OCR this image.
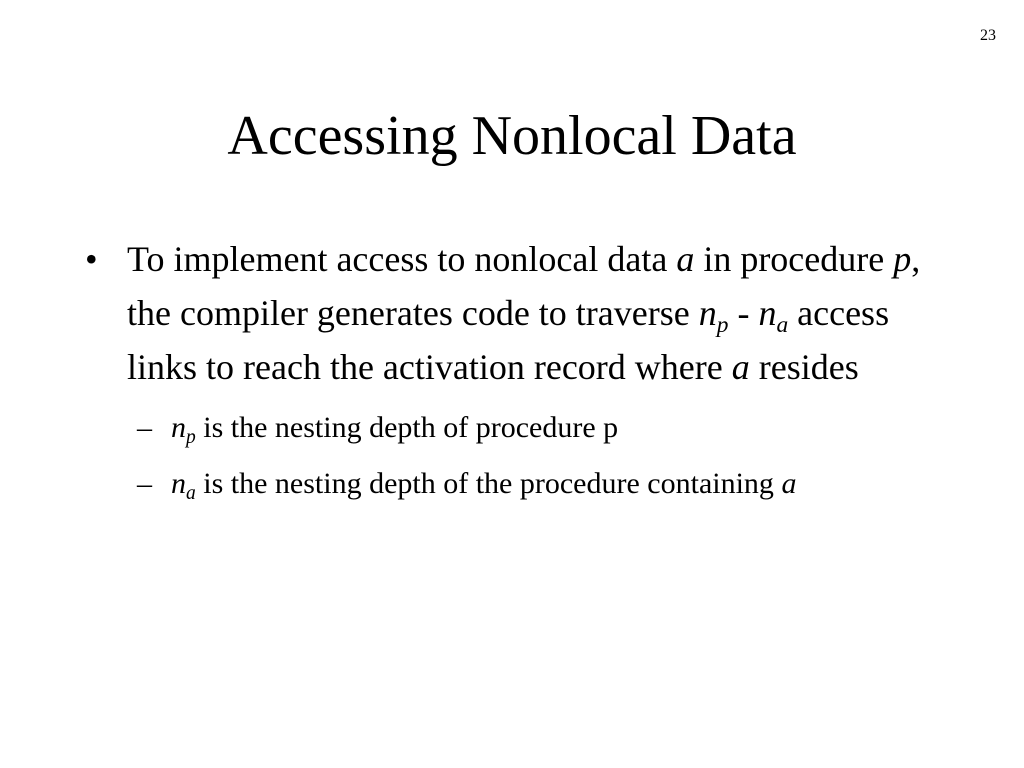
23
Accessing Nonlocal Data
• To implement access to nonlocal data a in procedure p, the compiler generates code to traverse $n_p - n_a$ access links to reach the activation record where a resides
– $n_p$ is the nesting depth of procedure p
– $n_a$ is the nesting depth of the procedure containing a
